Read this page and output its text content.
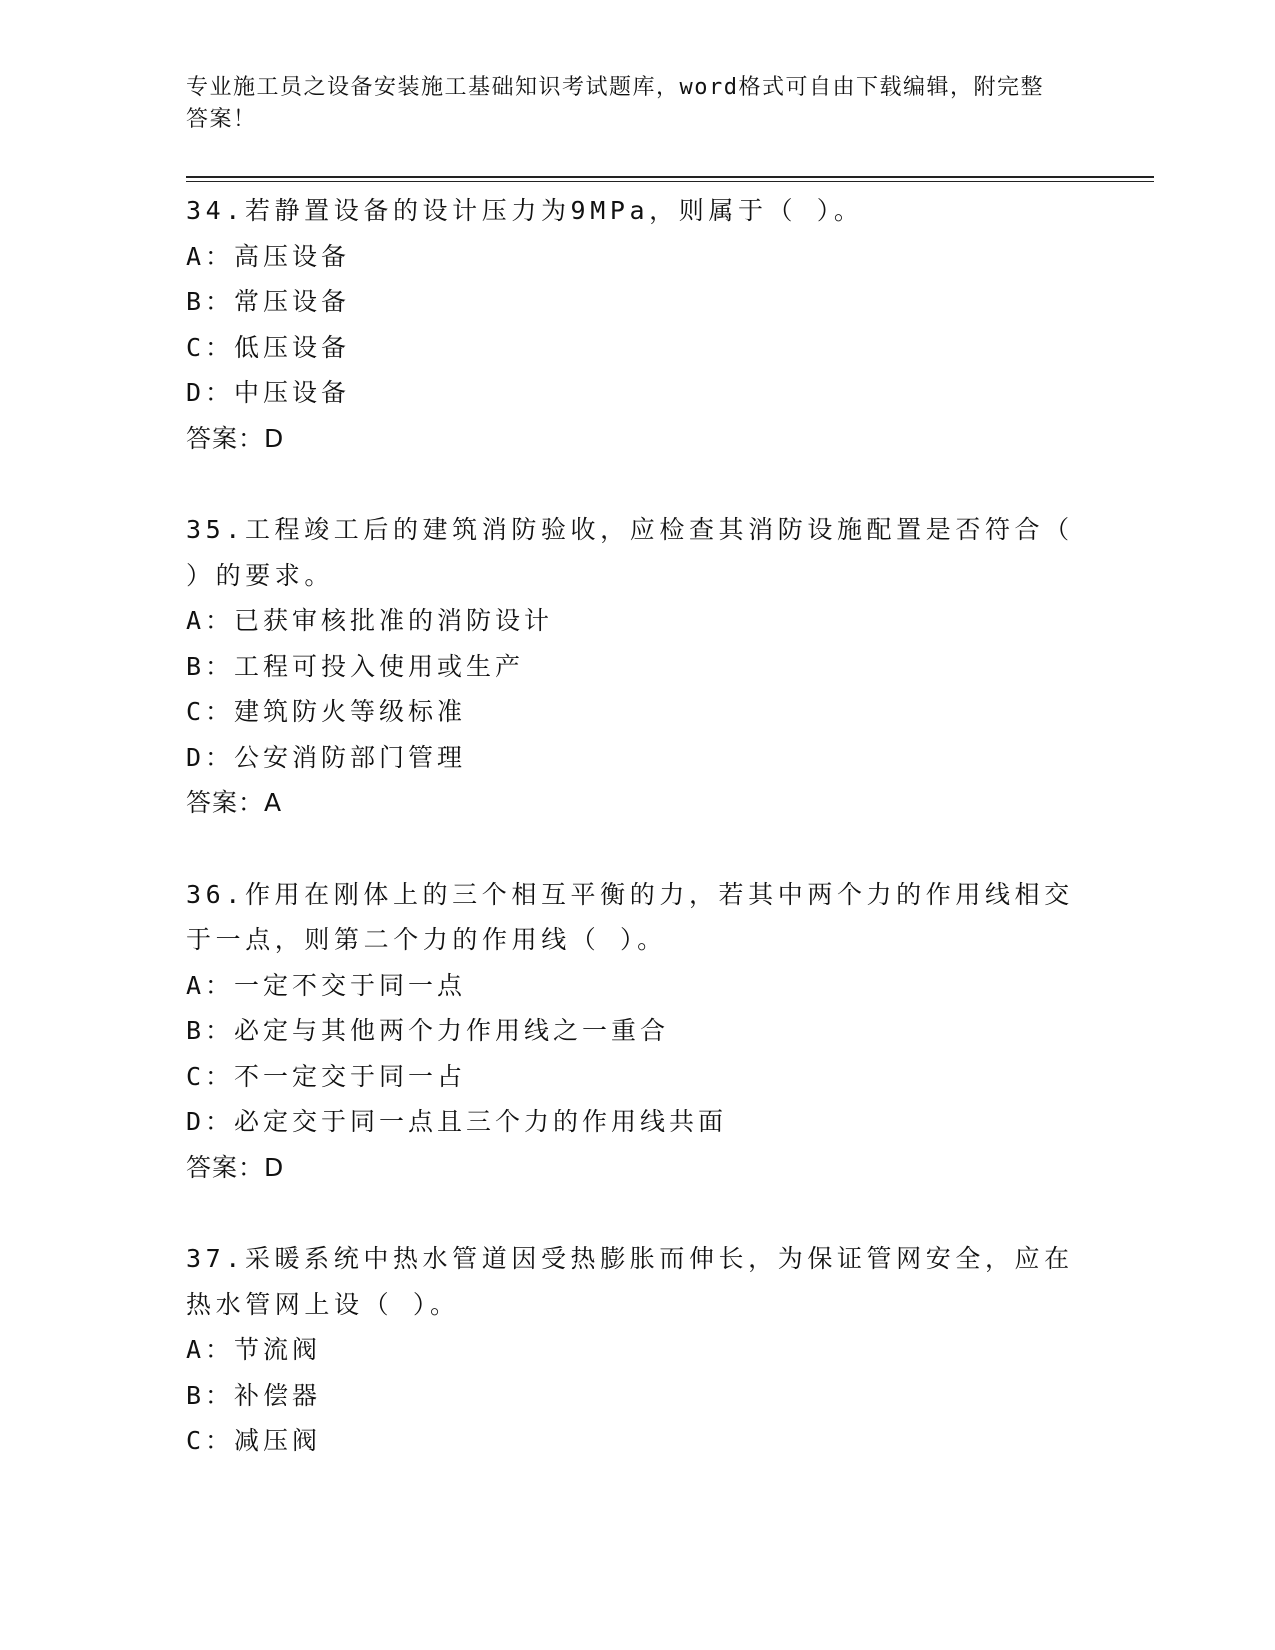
专业施工员之设备安装施工基础知识考试题库，word格式可自由下载编辑，附完整答案！
34.若静置设备的设计压力为9MPa，则属于（ ）。
A：高压设备
B：常压设备
C：低压设备
D：中压设备
答案：D
35.工程竣工后的建筑消防验收，应检查其消防设施配置是否符合（ ）的要求。
A：已获审核批准的消防设计
B：工程可投入使用或生产
C：建筑防火等级标准
D：公安消防部门管理
答案：A
36.作用在刚体上的三个相互平衡的力，若其中两个力的作用线相交于一点，则第二个力的作用线（ ）。
A：一定不交于同一点
B：必定与其他两个力作用线之一重合
C：不一定交于同一占
D：必定交于同一点且三个力的作用线共面
答案：D
37.采暖系统中热水管道因受热膨胀而伸长，为保证管网安全，应在热水管网上设（ ）。
A：节流阀
B：补偿器
C：减压阀
